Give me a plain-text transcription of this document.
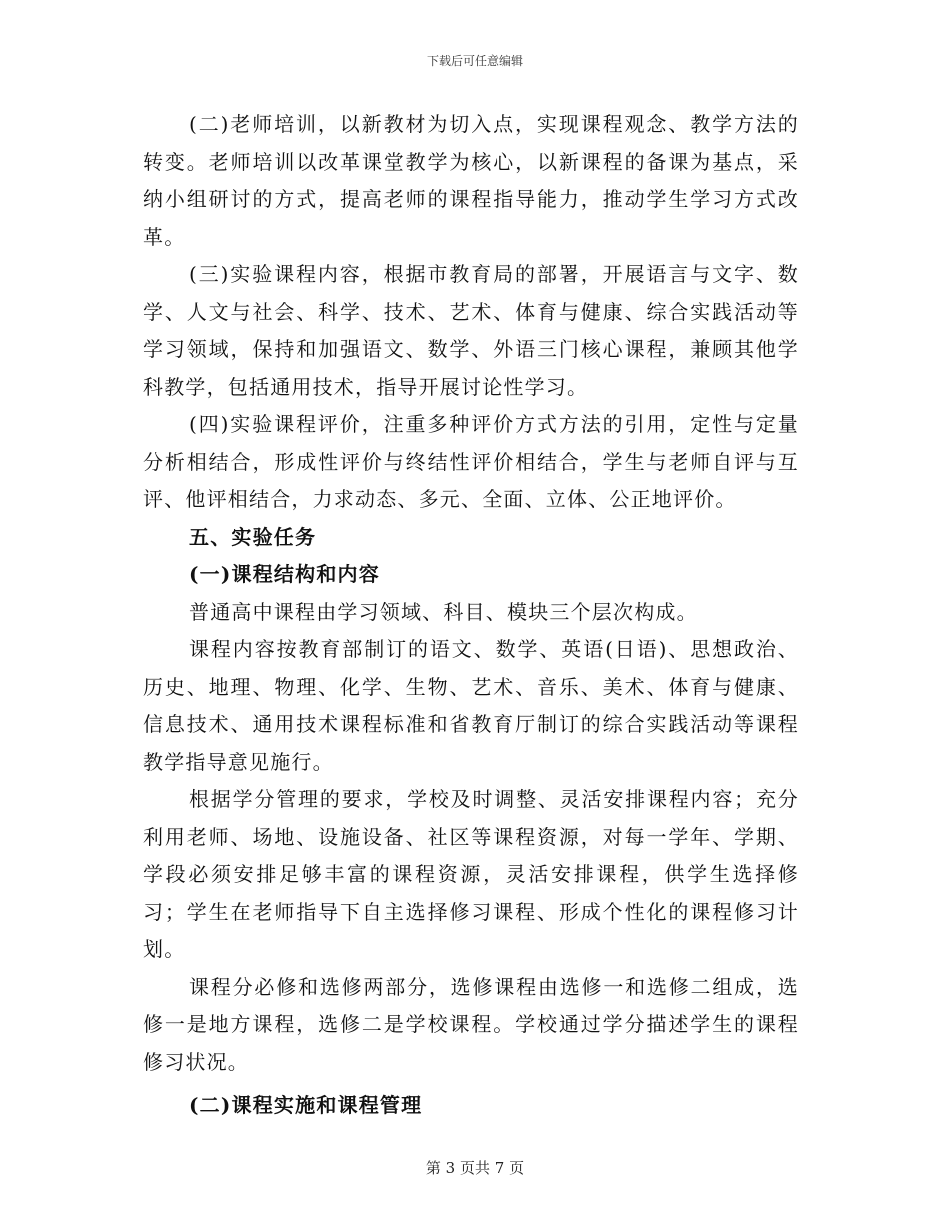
下载后可任意编辑

(二)老师培训，以新教材为切入点，实现课程观念、教学方法的转变。老师培训以改革课堂教学为核心，以新课程的备课为基点，采纳小组研讨的方式，提高老师的课程指导能力，推动学生学习方式改革。

(三)实验课程内容，根据市教育局的部署，开展语言与文字、数学、人文与社会、科学、技术、艺术、体育与健康、综合实践活动等学习领域，保持和加强语文、数学、外语三门核心课程，兼顾其他学科教学，包括通用技术，指导开展讨论性学习。

(四)实验课程评价，注重多种评价方式方法的引用，定性与定量分析相结合，形成性评价与终结性评价相结合，学生与老师自评与互评、他评相结合，力求动态、多元、全面、立体、公正地评价。

五、实验任务

(一)课程结构和内容

普通高中课程由学习领域、科目、模块三个层次构成。

课程内容按教育部制订的语文、数学、英语(日语)、思想政治、历史、地理、物理、化学、生物、艺术、音乐、美术、体育与健康、信息技术、通用技术课程标准和省教育厅制订的综合实践活动等课程教学指导意见施行。

根据学分管理的要求，学校及时调整、灵活安排课程内容；充分利用老师、场地、设施设备、社区等课程资源，对每一学年、学期、学段必须安排足够丰富的课程资源，灵活安排课程，供学生选择修习；学生在老师指导下自主选择修习课程、形成个性化的课程修习计划。

课程分必修和选修两部分，选修课程由选修一和选修二组成，选修一是地方课程，选修二是学校课程。学校通过学分描述学生的课程修习状况。

(二)课程实施和课程管理

第 3 页共 7 页
